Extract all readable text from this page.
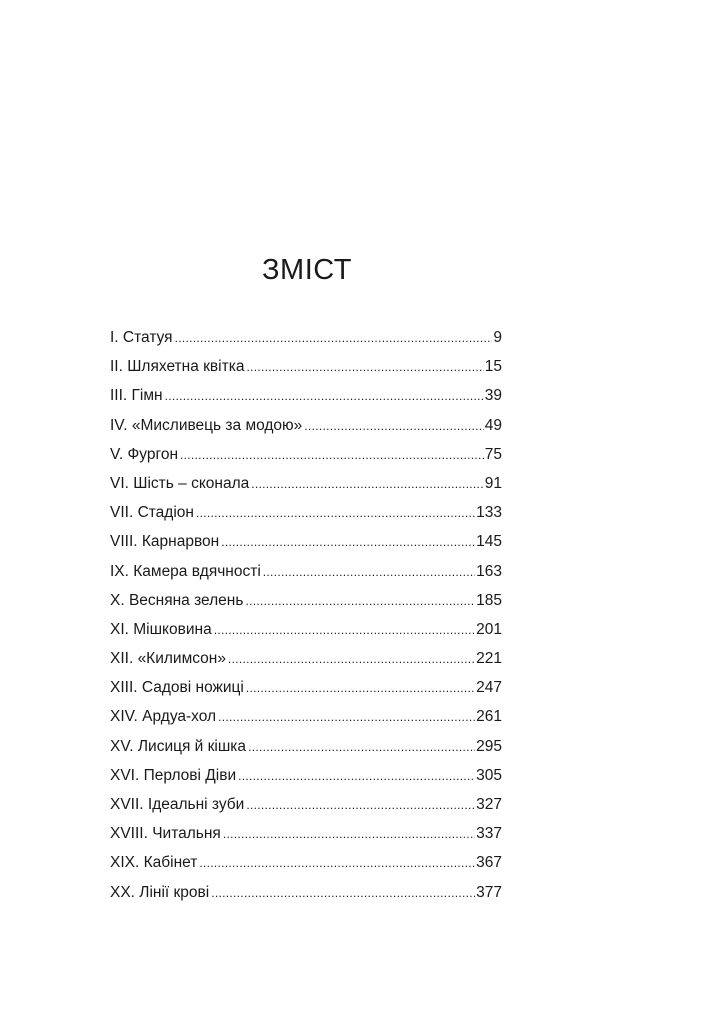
ЗМІСТ
I. Статуя .....	9
II. Шляхетна квітка .....	15
III. Гімн .....	39
IV. «Мисливець за модою» .....	49
V. Фургон .....	75
VI. Шість – сконала .....	91
VII. Стадіон .....	133
VIII. Карнарвон .....	145
IX. Камера вдячності .....	163
X. Весняна зелень .....	185
XI. Мішковина .....	201
XII. «Килимсон» .....	221
XIII. Садові ножиці .....	247
XIV. Ардуа-хол .....	261
XV. Лисиця й кішка .....	295
XVI. Перлові Діви .....	305
XVII. Ідеальні зуби .....	327
XVIII. Читальня .....	337
XIX. Кабінет .....	367
XX. Лінії крові .....	377
